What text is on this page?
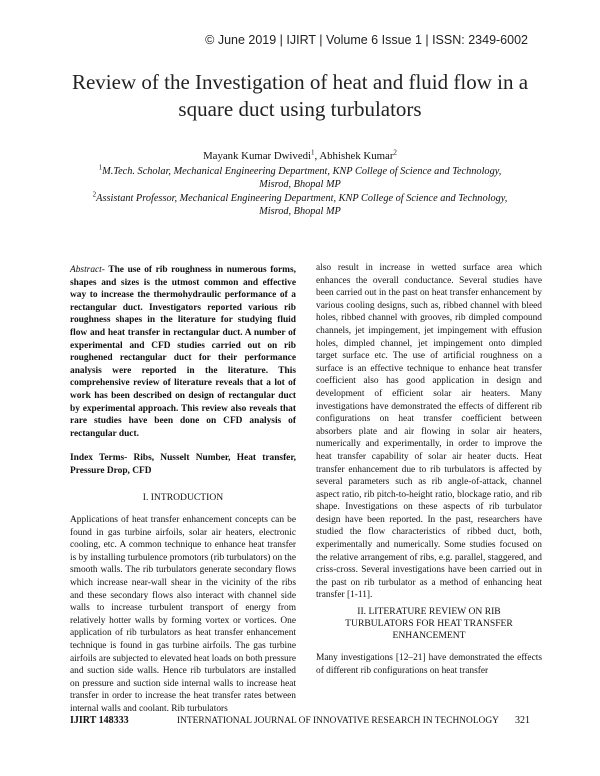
© June 2019 | IJIRT | Volume 6 Issue 1 | ISSN: 2349-6002
Review of the Investigation of heat and fluid flow in a
square duct using turbulators
Mayank Kumar Dwivedi$^1$, Abhishek Kumar$^2$
$^1$M.Tech. Scholar, Mechanical Engineering Department, KNP College of Science and Technology,
Misrod, Bhopal MP
$^2$Assistant Professor, Mechanical Engineering Department, KNP College of Science and Technology,
Misrod, Bhopal MP

Abstract- The use of rib roughness in numerous forms, shapes and sizes is the utmost common and effective way to increase the thermohydraulic performance of a rectangular duct. Investigators reported various rib roughness shapes in the literature for studying fluid flow and heat transfer in rectangular duct. A number of experimental and CFD studies carried out on rib roughened rectangular duct for their performance analysis were reported in the literature. This comprehensive review of literature reveals that a lot of work has been described on design of rectangular duct by experimental approach. This review also reveals that rare studies have been done on CFD analysis of rectangular duct.

Index Terms- Ribs, Nusselt Number, Heat transfer, Pressure Drop, CFD

I. INTRODUCTION

Applications of heat transfer enhancement concepts can be found in gas turbine airfoils, solar air heaters, electronic cooling, etc. A common technique to enhance heat transfer is by installing turbulence promotors (rib turbulators) on the smooth walls. The rib turbulators generate secondary flows which increase near-wall shear in the vicinity of the ribs and these secondary flows also interact with channel side walls to increase turbulent transport of energy from relatively hotter walls by forming vortex or vortices. One application of rib turbulators as heat transfer enhancement technique is found in gas turbine airfoils. The gas turbine airfoils are subjected to elevated heat loads on both pressure and suction side walls. Hence rib turbulators are installed on pressure and suction side internal walls to increase heat transfer in order to increase the heat transfer rates between internal walls and coolant. Rib turbulators

also result in increase in wetted surface area which enhances the overall conductance. Several studies have been carried out in the past on heat transfer enhancement by various cooling designs, such as, ribbed channel with bleed holes, ribbed channel with grooves, rib dimpled compound channels, jet impingement, jet impingement with effusion holes, dimpled channel, jet impingement onto dimpled target surface etc. The use of artificial roughness on a surface is an effective technique to enhance heat transfer coefficient also has good application in design and development of efficient solar air heaters. Many investigations have demonstrated the effects of different rib configurations on heat transfer coefficient between absorbers plate and air flowing in solar air heaters, numerically and experimentally, in order to improve the heat transfer capability of solar air heater ducts. Heat transfer enhancement due to rib turbulators is affected by several parameters such as rib angle-of-attack, channel aspect ratio, rib pitch-to-height ratio, blockage ratio, and rib shape. Investigations on these aspects of rib turbulator design have been reported. In the past, researchers have studied the flow characteristics of ribbed duct, both, experimentally and numerically. Some studies focused on the relative arrangement of ribs, e.g. parallel, staggered, and criss-cross. Several investigations have been carried out in the past on rib turbulator as a method of enhancing heat transfer [1-11].

II. LITERATURE REVIEW ON RIB
TURBULATORS FOR HEAT TRANSFER
ENHANCEMENT

Many investigations [12–21] have demonstrated the effects of different rib configurations on heat transfer

IJIRT 148333	INTERNATIONAL JOURNAL OF INNOVATIVE RESEARCH IN TECHNOLOGY 321
